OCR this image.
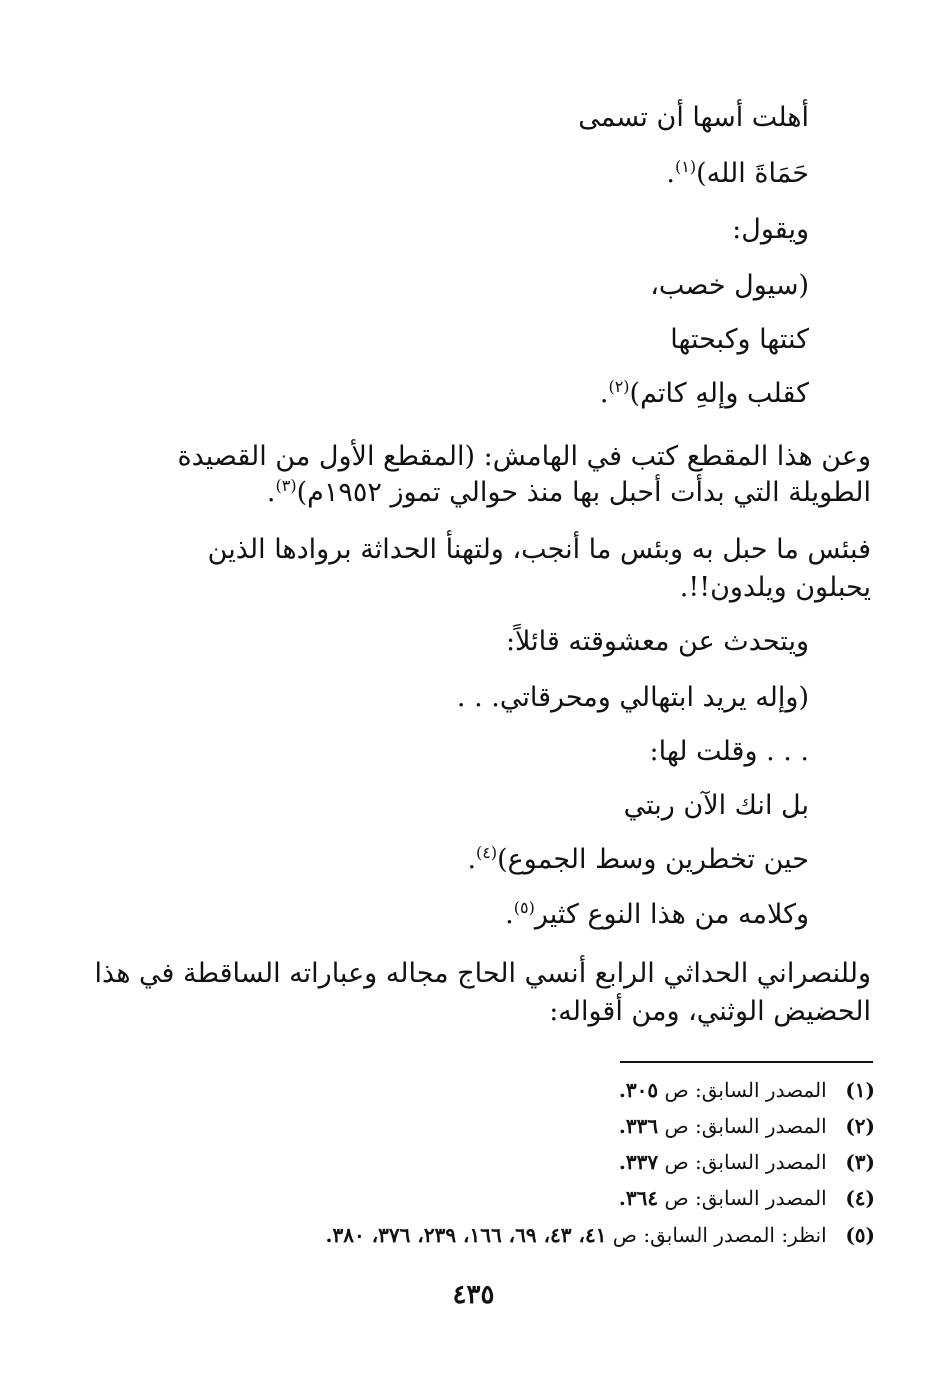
أهلت أسها أن تسمى
حَمَاةَ الله)$^{(١)}$.
ويقول:
(سيول خصب،
كنتها وكبحتها
كقلب وإلهِ كاتم)$^{(٢)}$.
وعن هذا المقطع كتب في الهامش: (المقطع الأول من القصيدة
الطويلة التي بدأت أحبل بها منذ حوالي تموز ١٩٥٢م)$^{(٣)}$.
فبئس ما حبل به وبئس ما أنجب، ولتهنأ الحداثة بروادها الذين
يحبلون ويلدون!!.
ويتحدث عن معشوقته قائلاً:
(وإله يريد ابتهالي ومحرقاتي. . .
. . . وقلت لها:
بل انك الآن ربتي
حين تخطرين وسط الجموع)$^{(٤)}$.
وكلامه من هذا النوع كثير$^{(٥)}$.
وللنصراني الحداثي الرابع أنسي الحاج مجاله وعباراته الساقطة في هذا
الحضيض الوثني، ومن أقواله:
(١) المصدر السابق: ص ٣٠٥.
(٢) المصدر السابق: ص ٣٣٦.
(٣) المصدر السابق: ص ٣٣٧.
(٤) المصدر السابق: ص ٣٦٤.
(٥) انظر: المصدر السابق: ص ٤١، ٤٣، ٦٩، ١٦٦، ٢٣٩، ٣٧٦، ٣٨٠.
٤٣٥
